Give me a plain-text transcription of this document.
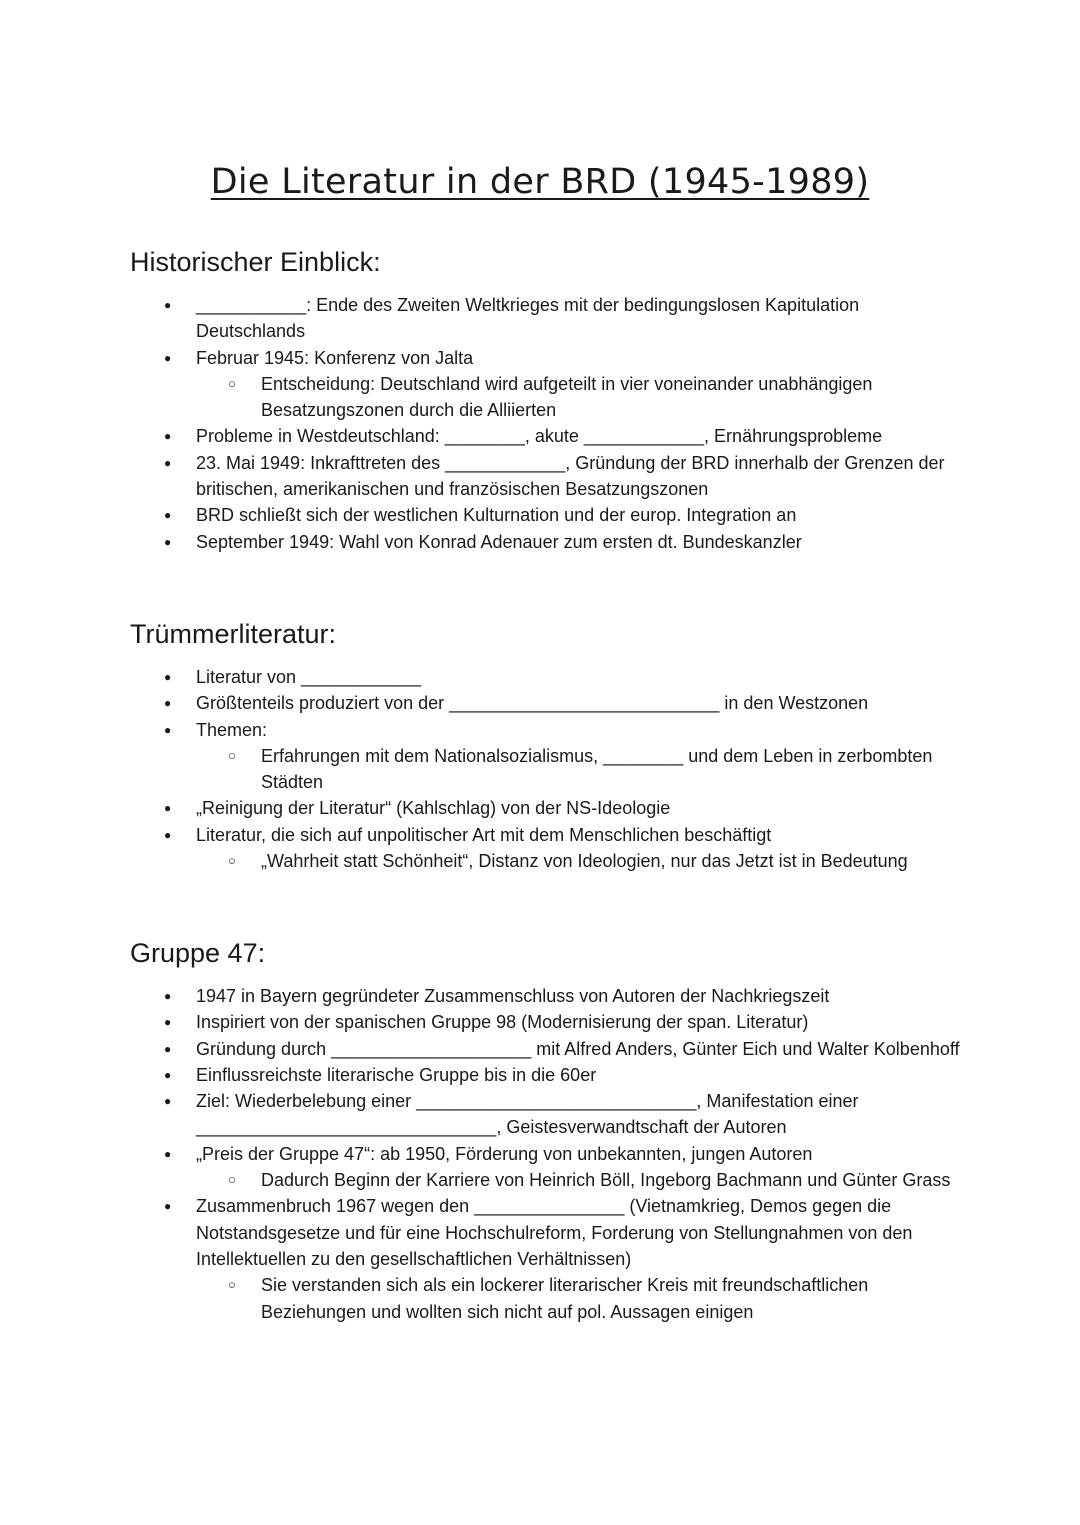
Die Literatur in der BRD (1945-1989)
Historischer Einblick:
● ___________: Ende des Zweiten Weltkrieges mit der bedingungslosen Kapitulation Deutschlands
● Februar 1945: Konferenz von Jalta
○ Entscheidung: Deutschland wird aufgeteilt in vier voneinander unabhängigen Besatzungszonen durch die Alliierten
● Probleme in Westdeutschland: ________, akute ____________, Ernährungsprobleme
● 23. Mai 1949: Inkrafttreten des ____________, Gründung der BRD innerhalb der Grenzen der britischen, amerikanischen und französischen Besatzungszonen
● BRD schließt sich der westlichen Kulturnation und der europ. Integration an
● September 1949: Wahl von Konrad Adenauer zum ersten dt. Bundeskanzler
Trümmerliteratur:
● Literatur von ____________
● Größtenteils produziert von der ___________________________ in den Westzonen
● Themen:
○ Erfahrungen mit dem Nationalsozialismus, ________ und dem Leben in zerbombten Städten
● „Reinigung der Literatur“ (Kahlschlag) von der NS-Ideologie
● Literatur, die sich auf unpolitischer Art mit dem Menschlichen beschäftigt
○ „Wahrheit statt Schönheit“, Distanz von Ideologien, nur das Jetzt ist in Bedeutung
Gruppe 47:
● 1947 in Bayern gegründeter Zusammenschluss von Autoren der Nachkriegszeit
● Inspiriert von der spanischen Gruppe 98 (Modernisierung der span. Literatur)
● Gründung durch ____________________ mit Alfred Anders, Günter Eich und Walter Kolbenhoff
● Einflussreichste literarische Gruppe bis in die 60er
● Ziel: Wiederbelebung einer ____________________________, Manifestation einer ______________________________, Geistesverwandtschaft der Autoren
● „Preis der Gruppe 47“: ab 1950, Förderung von unbekannten, jungen Autoren
○ Dadurch Beginn der Karriere von Heinrich Böll, Ingeborg Bachmann und Günter Grass
● Zusammenbruch 1967 wegen den _______________ (Vietnamkrieg, Demos gegen die Notstandsgesetze und für eine Hochschulreform, Forderung von Stellungnahmen von den Intellektuellen zu den gesellschaftlichen Verhältnissen)
○ Sie verstanden sich als ein lockerer literarischer Kreis mit freundschaftlichen Beziehungen und wollten sich nicht auf pol. Aussagen einigen
